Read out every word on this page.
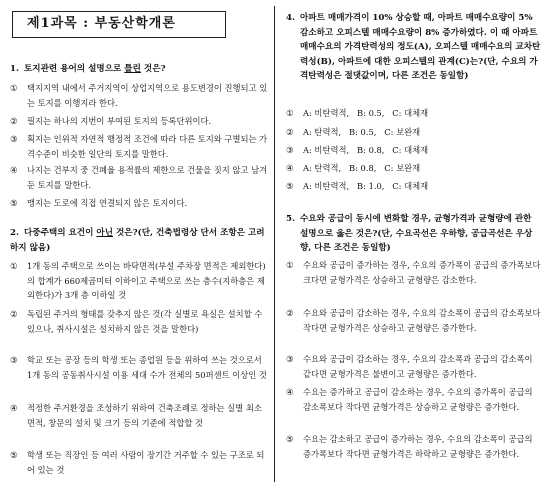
제1과목 : 부동산학개론
1. 토지관련 용어의 설명으로 틀린 것은?
①	택지지역 내에서 주거지역이 상업지역으로 용도변경이 진행되고 있는 토지를 이행지라 한다.
②	필지는 하나의 지번이 부여된 토지의 등록단위이다.
③	획지는 인위적 자연적 행정적 조건에 따라 다른 토지와 구별되는 가격수준이 비슷한 일단의 토지를 말한다.
④	나지는 건부지 중 건폐율 용적률의 제한으로 건물을 짓지 않고 남겨둔 토지를 말한다.
⑤	맹지는 도로에 직접 연결되지 않은 토지이다.
2. 다중주택의 요건이 아닌 것은?(단, 건축법령상 단서 조항은 고려하지 않음)
①	1개 동의 주택으로 쓰이는 바닥면적(부설 주차장 면적은 제외한다)의 합계가 660제곱미터 이하이고 주택으로 쓰는 층수(지하층은 제외한다)가 3개 층 이하일 것
②	독립된 주거의 형태를 갖추지 않은 것(각 실별로 욕실은 설치할 수 있으나, 취사시설은 설치하지 않은 것을 말한다)
③	학교 또는 공장 등의 학생 또는 종업원 등을 위하여 쓰는 것으로서 1개 동의 공동취사시설 이용 세대 수가 전체의 50퍼센트 이상인 것
④	적정한 주거환경을 조성하기 위하여 건축조례로 정하는 실별 최소 면적, 창문의 설치 및 크기 등의 기준에 적합할 것
⑤	학생 또는 직장인 등 여러 사람이 장기간 거주할 수 있는 구조로 되어 있는 것
4. 아파트 매매가격이 10% 상승할 때, 아파트 매매수요량이 5% 감소하고 오피스텔 매매수요량이 8% 증가하였다. 이 때 아파트 매매수요의 가격탄력성의 정도(A), 오피스텔 매매수요의 교차탄력성(B), 아파트에 대한 오피스텔의 관계(C)는?(단, 수요의 가격탄력성은 절댓값이며, 다른 조건은 동일함)
①	A: 비탄력적,   B: 0.5,   C: 대체재
②	A: 탄력적,   B: 0.5,   C: 보완재
③	A: 비탄력적,   B: 0.8,   C: 대체재
④	A: 탄력적,   B: 0.8,   C: 보완재
⑤	A: 비탄력적,   B: 1.0,   C: 대체재
5. 수요와 공급이 동시에 변화할 경우, 균형가격과 균형량에 관한 설명으로 옳은 것은?(단, 수요곡선은 우하향, 공급곡선은 우상향, 다른 조건은 동일함)
①	수요와 공급이 증가하는 경우, 수요의 증가폭이 공급의 증가폭보다 크다면 균형가격은 상승하고 균형량은 감소한다.
②	수요와 공급이 감소하는 경우, 수요의 감소폭이 공급의 감소폭보다 작다면 균형가격은 상승하고 균형량은 증가한다.
③	수요와 공급이 감소하는 경우, 수요의 감소폭과 공급의 감소폭이 같다면 균형가격은 불변이고 균형량은 증가한다.
④	수요는 증가하고 공급이 감소하는 경우, 수요의 증가폭이 공급의 감소폭보다 작다면 균형가격은 상승하고 균형량은 증가한다.
⑤	수요는 감소하고 공급이 증가하는 경우, 수요의 감소폭이 공급의 증가폭보다 작다면 균형가격은 하락하고 균형량은 증가한다.
